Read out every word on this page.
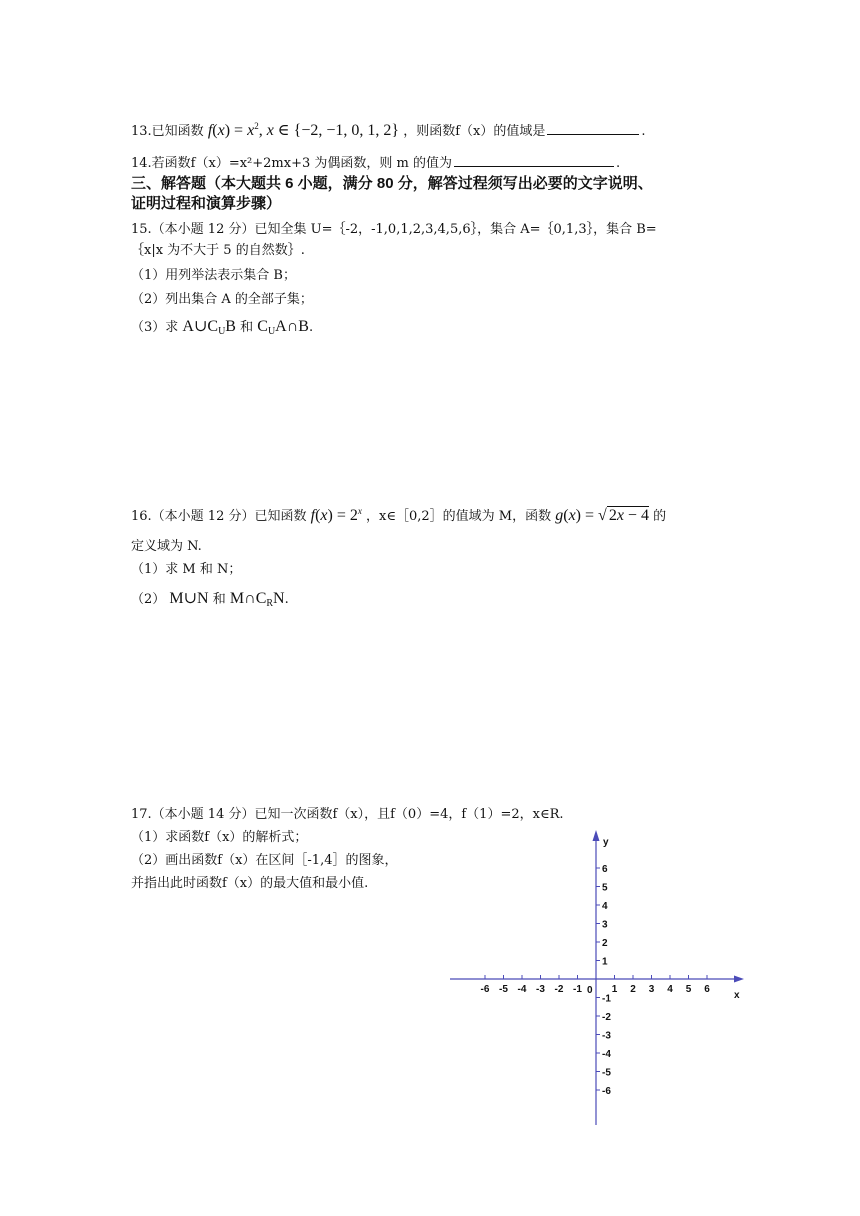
13.已知函数 $f(x) = x^2$, x ∈ {−2, −1, 0, 1, 2} ，则函数f（x）的值域是	.
14.若函数f（x）=x²+2mx+3 为偶函数，则 m 的值为	.
三、解答题（本大题共 6 小题，满分 80 分，解答过程须写出必要的文字说明、
证明过程和演算步骤）
15.（本小题 12 分）已知全集 U=｛-2，-1,0,1,2,3,4,5,6｝，集合 A=｛0,1,3｝，集合 B=
｛x|x 为不大于 5 的自然数｝.
（1）用列举法表示集合 B；
（2）列出集合 A 的全部子集；
（3）求 $A\cup C_UB$ 和 $C_UA\cap B$.
16.（本小题 12 分）已知函数 $f(x) = 2^x$ ，x∈［0,2］的值域为 M，函数 g(x) = √ 2x − 4 的
定义域为 N.
（1）求 M 和 N；
（2） M∪N 和 $M\cap C_RN$.
17.（本小题 14 分）已知一次函数f（x），且f（0）=4，f（1）=2，x∈R.
（1）求函数f（x）的解析式；
（2）画出函数f（x）在区间［-1,4］的图象，
并指出此时函数f（x）的最大值和最小值.
-6 -5 -4 -3 -2 -1	1 2 3 4 5 6
6
5
4
3
2
1
-1
-2
-3
-4
-5
-6
x
y
0
